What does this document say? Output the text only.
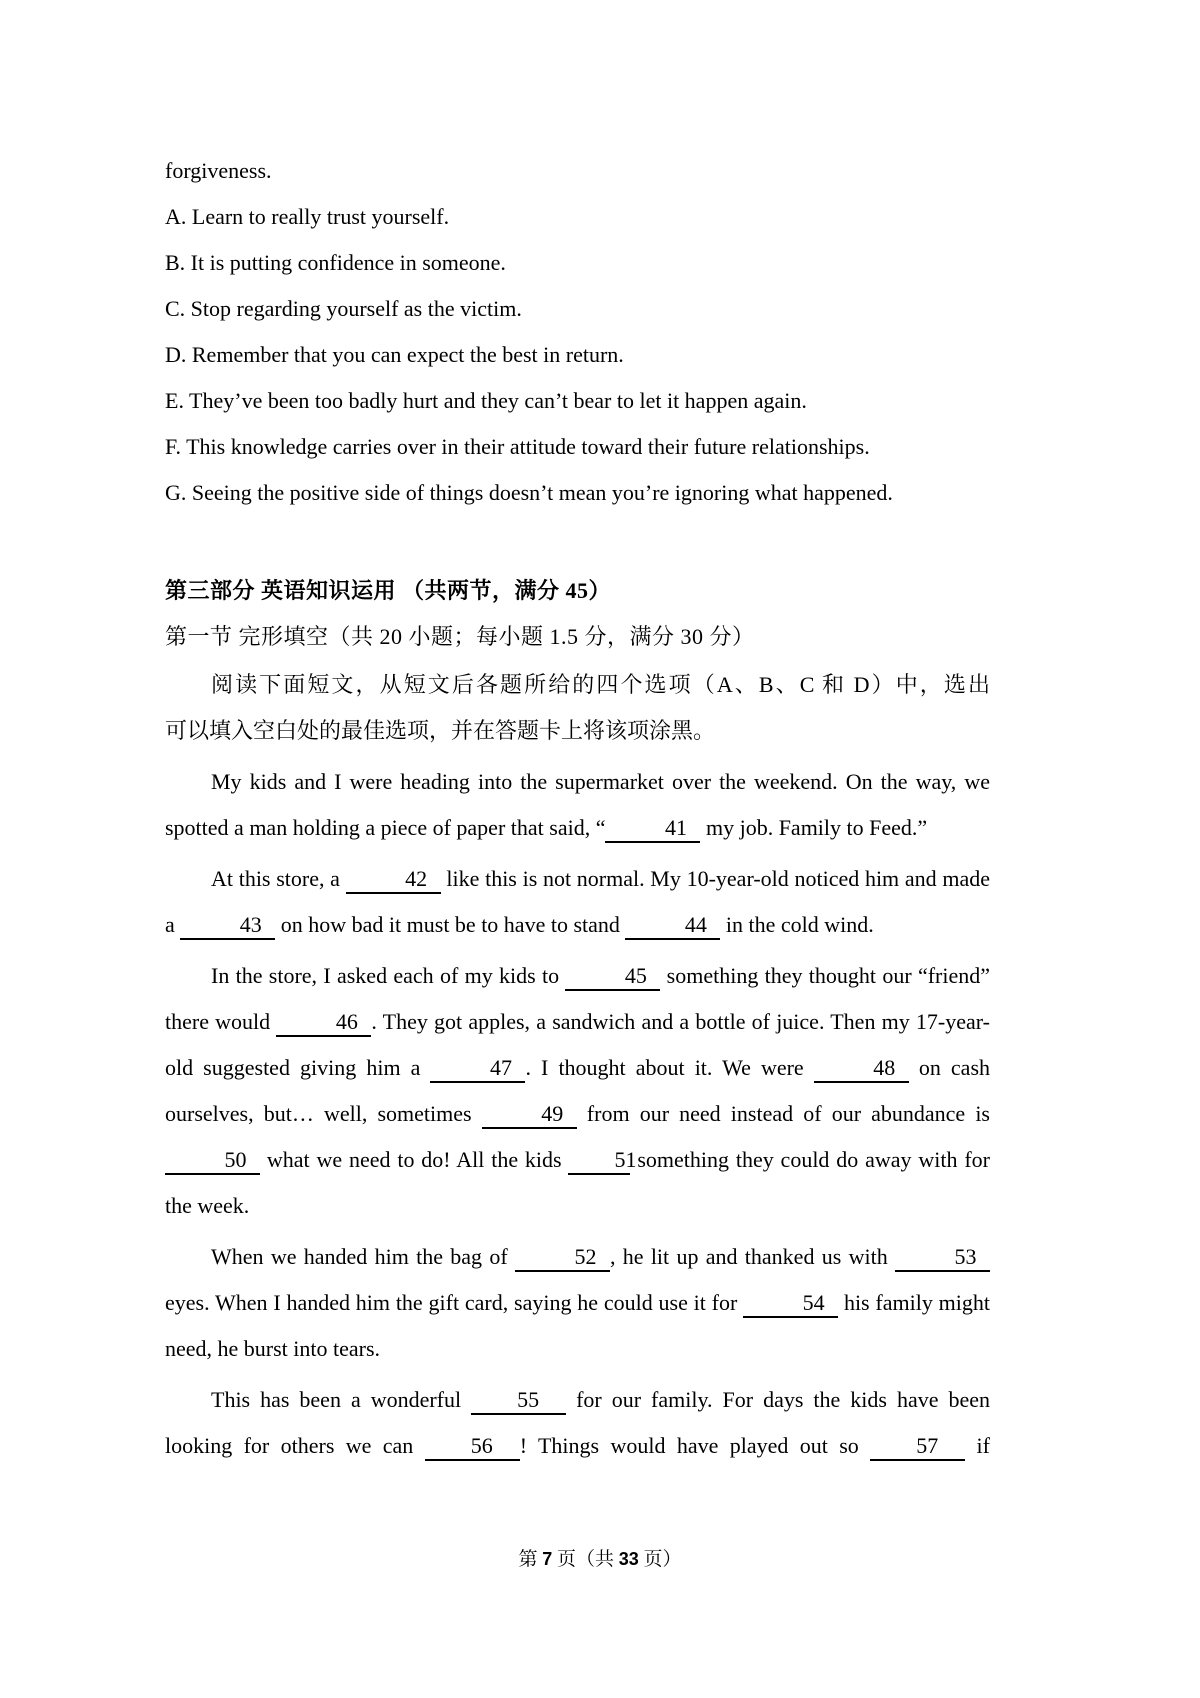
forgiveness.

A. Learn to really trust yourself.

B. It is putting confidence in someone.

C. Stop regarding yourself as the victim.

D. Remember that you can expect the best in return.

E. They’ve been too badly hurt and they can’t bear to let it happen again.

F. This knowledge carries over in their attitude toward their future relationships.

G. Seeing the positive side of things doesn’t mean you’re ignoring what happened.

第三部分 英语知识运用 （共两节，满分 45）

第一节 完形填空（共 20 小题；每小题 1.5 分，满分 30 分）

阅读下面短文，从短文后各题所给的四个选项（A、B、C 和 D）中，选出

可以填入空白处的最佳选项，并在答题卡上将该项涂黑。

My kids and I were heading into the supermarket over the weekend. On the way, we spotted a man holding a piece of paper that said, “	41 my job. Family to Feed.”

At this store, a	42 like this is not normal. My 10-year-old noticed him and made a	43 on how bad it must be to have to stand	44 in the cold wind.

In the store, I asked each of my kids to	45 something they thought our “friend” there would	46 . They got apples, a sandwich and a bottle of juice. Then my 17-year-old suggested giving him a	47 . I thought about it. We were	48 on cash ourselves, but… well, sometimes	49 from our need instead of our abundance is 50 what we need to do! All the kids 51 something they could do away with for the week.

When we handed him the bag of	52 , he lit up and thanked us with	53 eyes. When I handed him the gift card, saying he could use it for	54 his family might need, he burst into tears.

This has been a wonderful 55 for our family. For days the kids have been looking for others we can 56 ! Things would have played out so 57 if

第 7 页（共 33 页）
